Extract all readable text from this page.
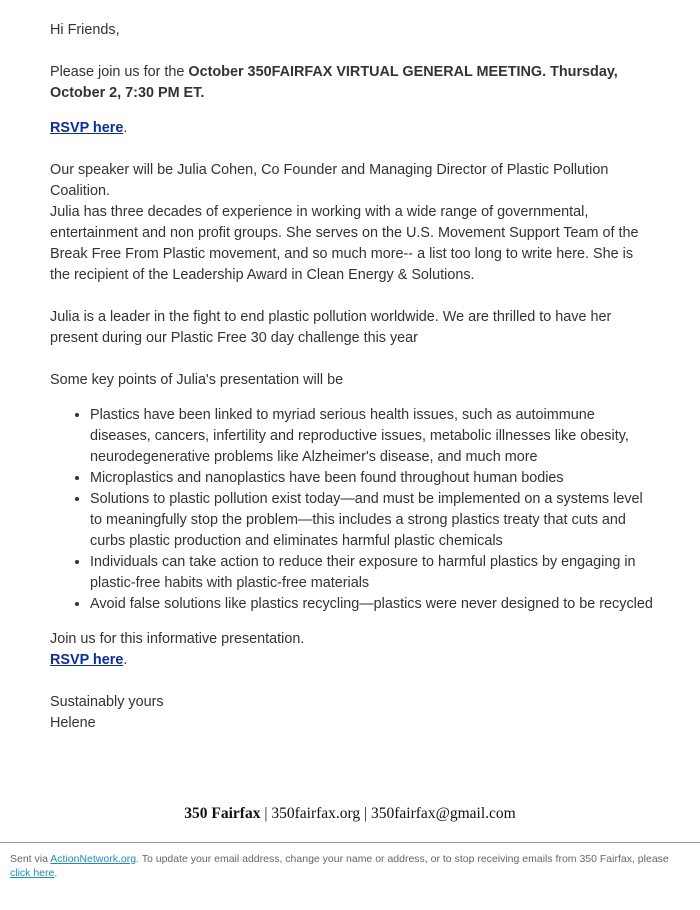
Hi Friends,

Please join us for the October 350FAIRFAX VIRTUAL GENERAL MEETING. Thursday, October 2, 7:30 PM ET.

RSVP here.

Our speaker will be Julia Cohen, Co Founder and Managing Director of Plastic Pollution Coalition.

Julia has three decades of experience in working with a wide range of governmental, entertainment and non profit groups. She serves on the U.S. Movement Support Team of the Break Free From Plastic movement, and so much more-- a list too long to write here. She is the recipient of the Leadership Award in Clean Energy & Solutions.

Julia is a leader in the fight to end plastic pollution worldwide. We are thrilled to have her present during our Plastic Free 30 day challenge this year

Some key points of Julia's presentation will be

• Plastics have been linked to myriad serious health issues, such as autoimmune diseases, cancers, infertility and reproductive issues, metabolic illnesses like obesity, neurodegenerative problems like Alzheimer's disease, and much more
• Microplastics and nanoplastics have been found throughout human bodies
• Solutions to plastic pollution exist today—and must be implemented on a systems level to meaningfully stop the problem—this includes a strong plastics treaty that cuts and curbs plastic production and eliminates harmful plastic chemicals
• Individuals can take action to reduce their exposure to harmful plastics by engaging in plastic-free habits with plastic-free materials
• Avoid false solutions like plastics recycling—plastics were never designed to be recycled

Join us for this informative presentation.

RSVP here.

Sustainably yours

Helene

350 Fairfax | 350fairfax.org | 350fairfax@gmail.com
Sent via ActionNetwork.org. To update your email address, change your name or address, or to stop receiving emails from 350 Fairfax, please click here.
